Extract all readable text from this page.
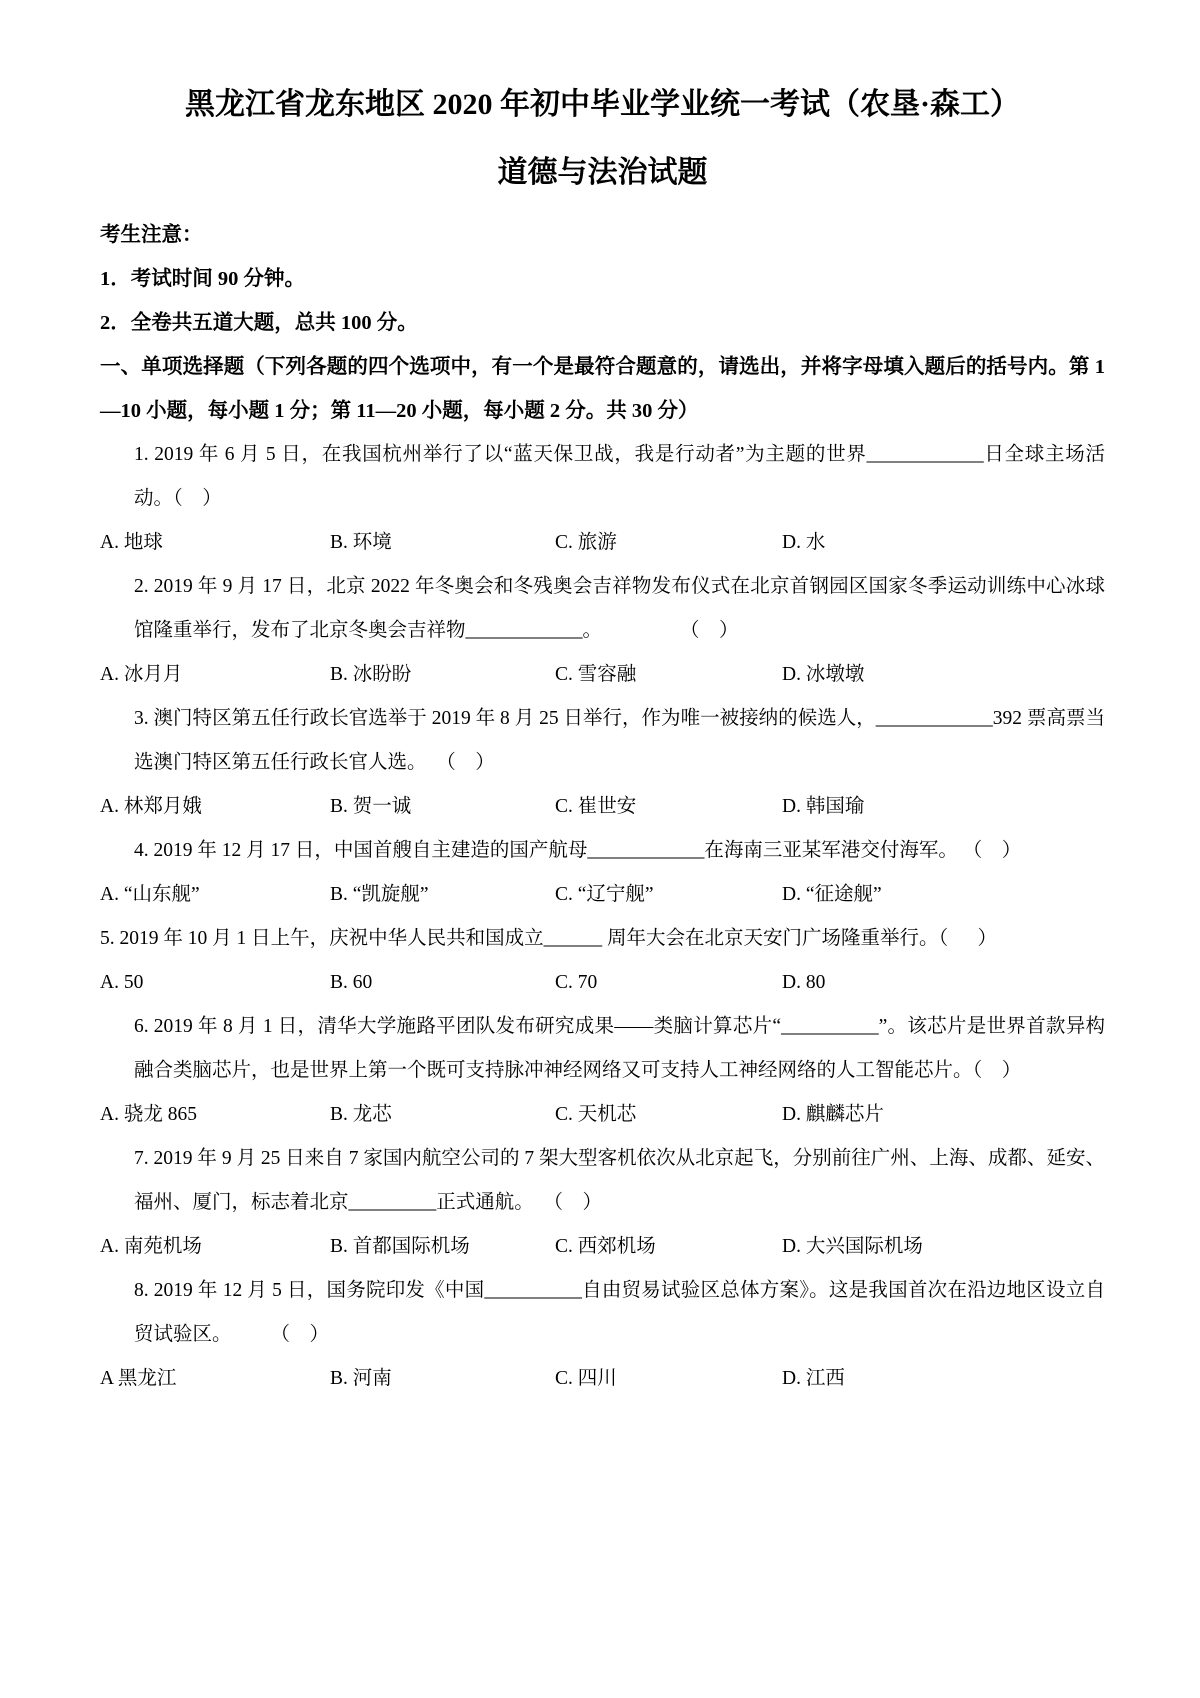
黑龙江省龙东地区 2020 年初中毕业学业统一考试（农垦·森工）
道德与法治试题

考生注意：

1．考试时间 90 分钟。

2．全卷共五道大题，总共 100 分。

一、单项选择题（下列各题的四个选项中，有一个是最符合题意的，请选出，并将字母填入题后的括号内。第 1—10 小题，每小题 1 分；第 11—20 小题，每小题 2 分。共 30 分）

1. 2019 年 6 月 5 日，在我国杭州举行了以“蓝天保卫战，我是行动者”为主题的世界____________日全球主场活动。（    ）

A. 地球	B. 环境	C. 旅游	D. 水

2. 2019 年 9 月 17 日，北京 2022 年冬奥会和冬残奥会吉祥物发布仪式在北京首钢园区国家冬季运动训练中心冰球馆隆重举行，发布了北京冬奥会吉祥物____________。                （    ）

A. 冰月月	B. 冰盼盼	C. 雪容融	D. 冰墩墩

3. 澳门特区第五任行政长官选举于 2019 年 8 月 25 日举行，作为唯一被接纳的候选人，____________392 票高票当选澳门特区第五任行政长官人选。  （    ）

A. 林郑月娥	B. 贺一诚	C. 崔世安	D. 韩国瑜

4. 2019 年 12 月 17 日，中国首艘自主建造的国产航母____________在海南三亚某军港交付海军。 （    ）

A. “山东舰”	B. “凯旋舰”	C. “辽宁舰”	D. “征途舰”

5. 2019 年 10 月 1 日上午，庆祝中华人民共和国成立______ 周年大会在北京天安门广场隆重举行。（      ）

A. 50	B. 60	C. 70	D. 80

6. 2019 年 8 月 1 日，清华大学施路平团队发布研究成果——类脑计算芯片“__________”。该芯片是世界首款异构融合类脑芯片，也是世界上第一个既可支持脉冲神经网络又可支持人工神经网络的人工智能芯片。（    ）

A. 骁龙 865	B. 龙芯	C. 天机芯	D. 麒麟芯片

7. 2019 年 9 月 25 日来自 7 家国内航空公司的 7 架大型客机依次从北京起飞，分别前往广州、上海、成都、延安、福州、厦门，标志着北京_________正式通航。  （    ）

A. 南苑机场	B. 首都国际机场	C. 西郊机场	D. 大兴国际机场

8. 2019 年 12 月 5 日，国务院印发《中国__________自由贸易试验区总体方案》。这是我国首次在沿边地区设立自贸试验区。        （    ）

A 黑龙江	B. 河南	C. 四川	D. 江西
